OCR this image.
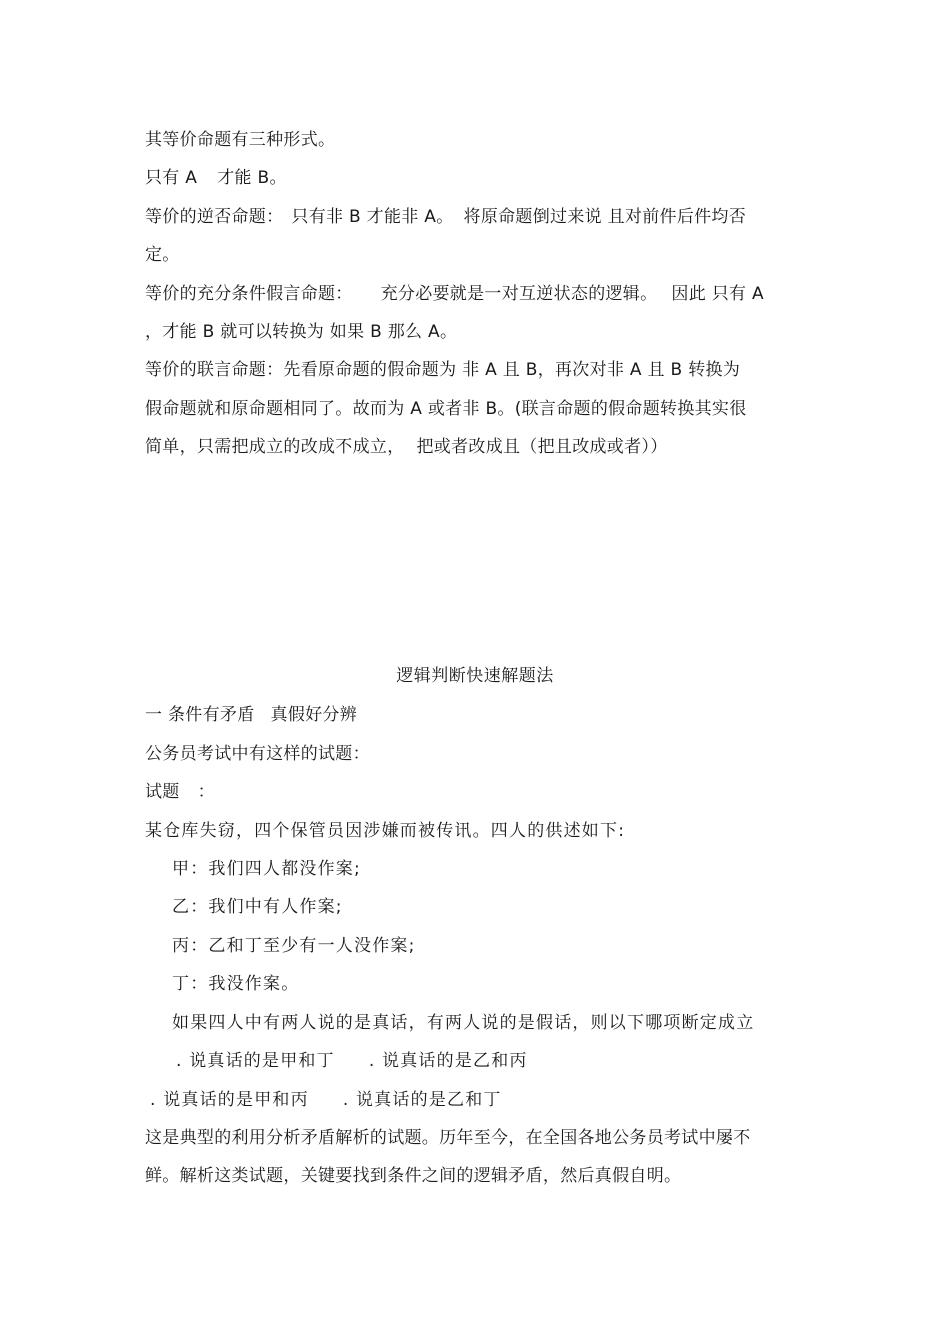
其等价命题有三种形式。
只有 A 才能 B。
等价的逆否命题： 只有非 B 才能非 A。 将原命题倒过来说 且对前件后件均否
定。
等价的充分条件假言命题： 充分必要就是一对互逆状态的逻辑。 因此 只有 A
，才能 B 就可以转换为 如果 B 那么 A。
等价的联言命题：先看原命题的假命题为 非 A 且 B，再次对非 A 且 B 转换为
假命题就和原命题相同了。故而为 A 或者非 B。(联言命题的假命题转换其实很
简单，只需把成立的改成不成立， 把或者改成且（把且改成或者））
逻辑判断快速解题法
一 条件有矛盾 真假好分辨
公务员考试中有这样的试题：
试题 ：
某仓库失窃，四个保管员因涉嫌而被传讯。四人的供述如下:
甲：我们四人都没作案;
乙：我们中有人作案;
丙：乙和丁至少有一人没作案;
丁：我没作案。
如果四人中有两人说的是真话，有两人说的是假话，则以下哪项断定成立
. 说真话的是甲和丁 . 说真话的是乙和丙
. 说真话的是甲和丙 . 说真话的是乙和丁
这是典型的利用分析矛盾解析的试题。历年至今，在全国各地公务员考试中屡不
鲜。解析这类试题，关键要找到条件之间的逻辑矛盾，然后真假自明。
